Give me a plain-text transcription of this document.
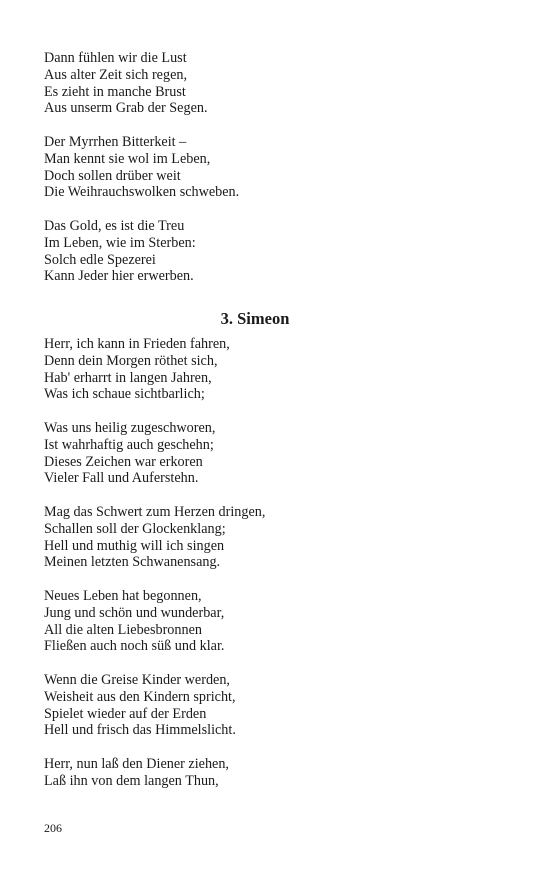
Dann fühlen wir die Lust
Aus alter Zeit sich regen,
Es zieht in manche Brust
Aus unserm Grab der Segen.
Der Myrrhen Bitterkeit –
Man kennt sie wol im Leben,
Doch sollen drüber weit
Die Weihrauchswolken schweben.
Das Gold, es ist die Treu
Im Leben, wie im Sterben:
Solch edle Spezerei
Kann Jeder hier erwerben.
3. Simeon
Herr, ich kann in Frieden fahren,
Denn dein Morgen röthet sich,
Hab' erharrt in langen Jahren,
Was ich schaue sichtbarlich;
Was uns heilig zugeschworen,
Ist wahrhaftig auch geschehn;
Dieses Zeichen war erkoren
Vieler Fall und Auferstehn.
Mag das Schwert zum Herzen dringen,
Schallen soll der Glockenklang;
Hell und muthig will ich singen
Meinen letzten Schwanensang.
Neues Leben hat begonnen,
Jung und schön und wunderbar,
All die alten Liebesbronnen
Fließen auch noch süß und klar.
Wenn die Greise Kinder werden,
Weisheit aus den Kindern spricht,
Spielet wieder auf der Erden
Hell und frisch das Himmelslicht.
Herr, nun laß den Diener ziehen,
Laß ihn von dem langen Thun,
206
